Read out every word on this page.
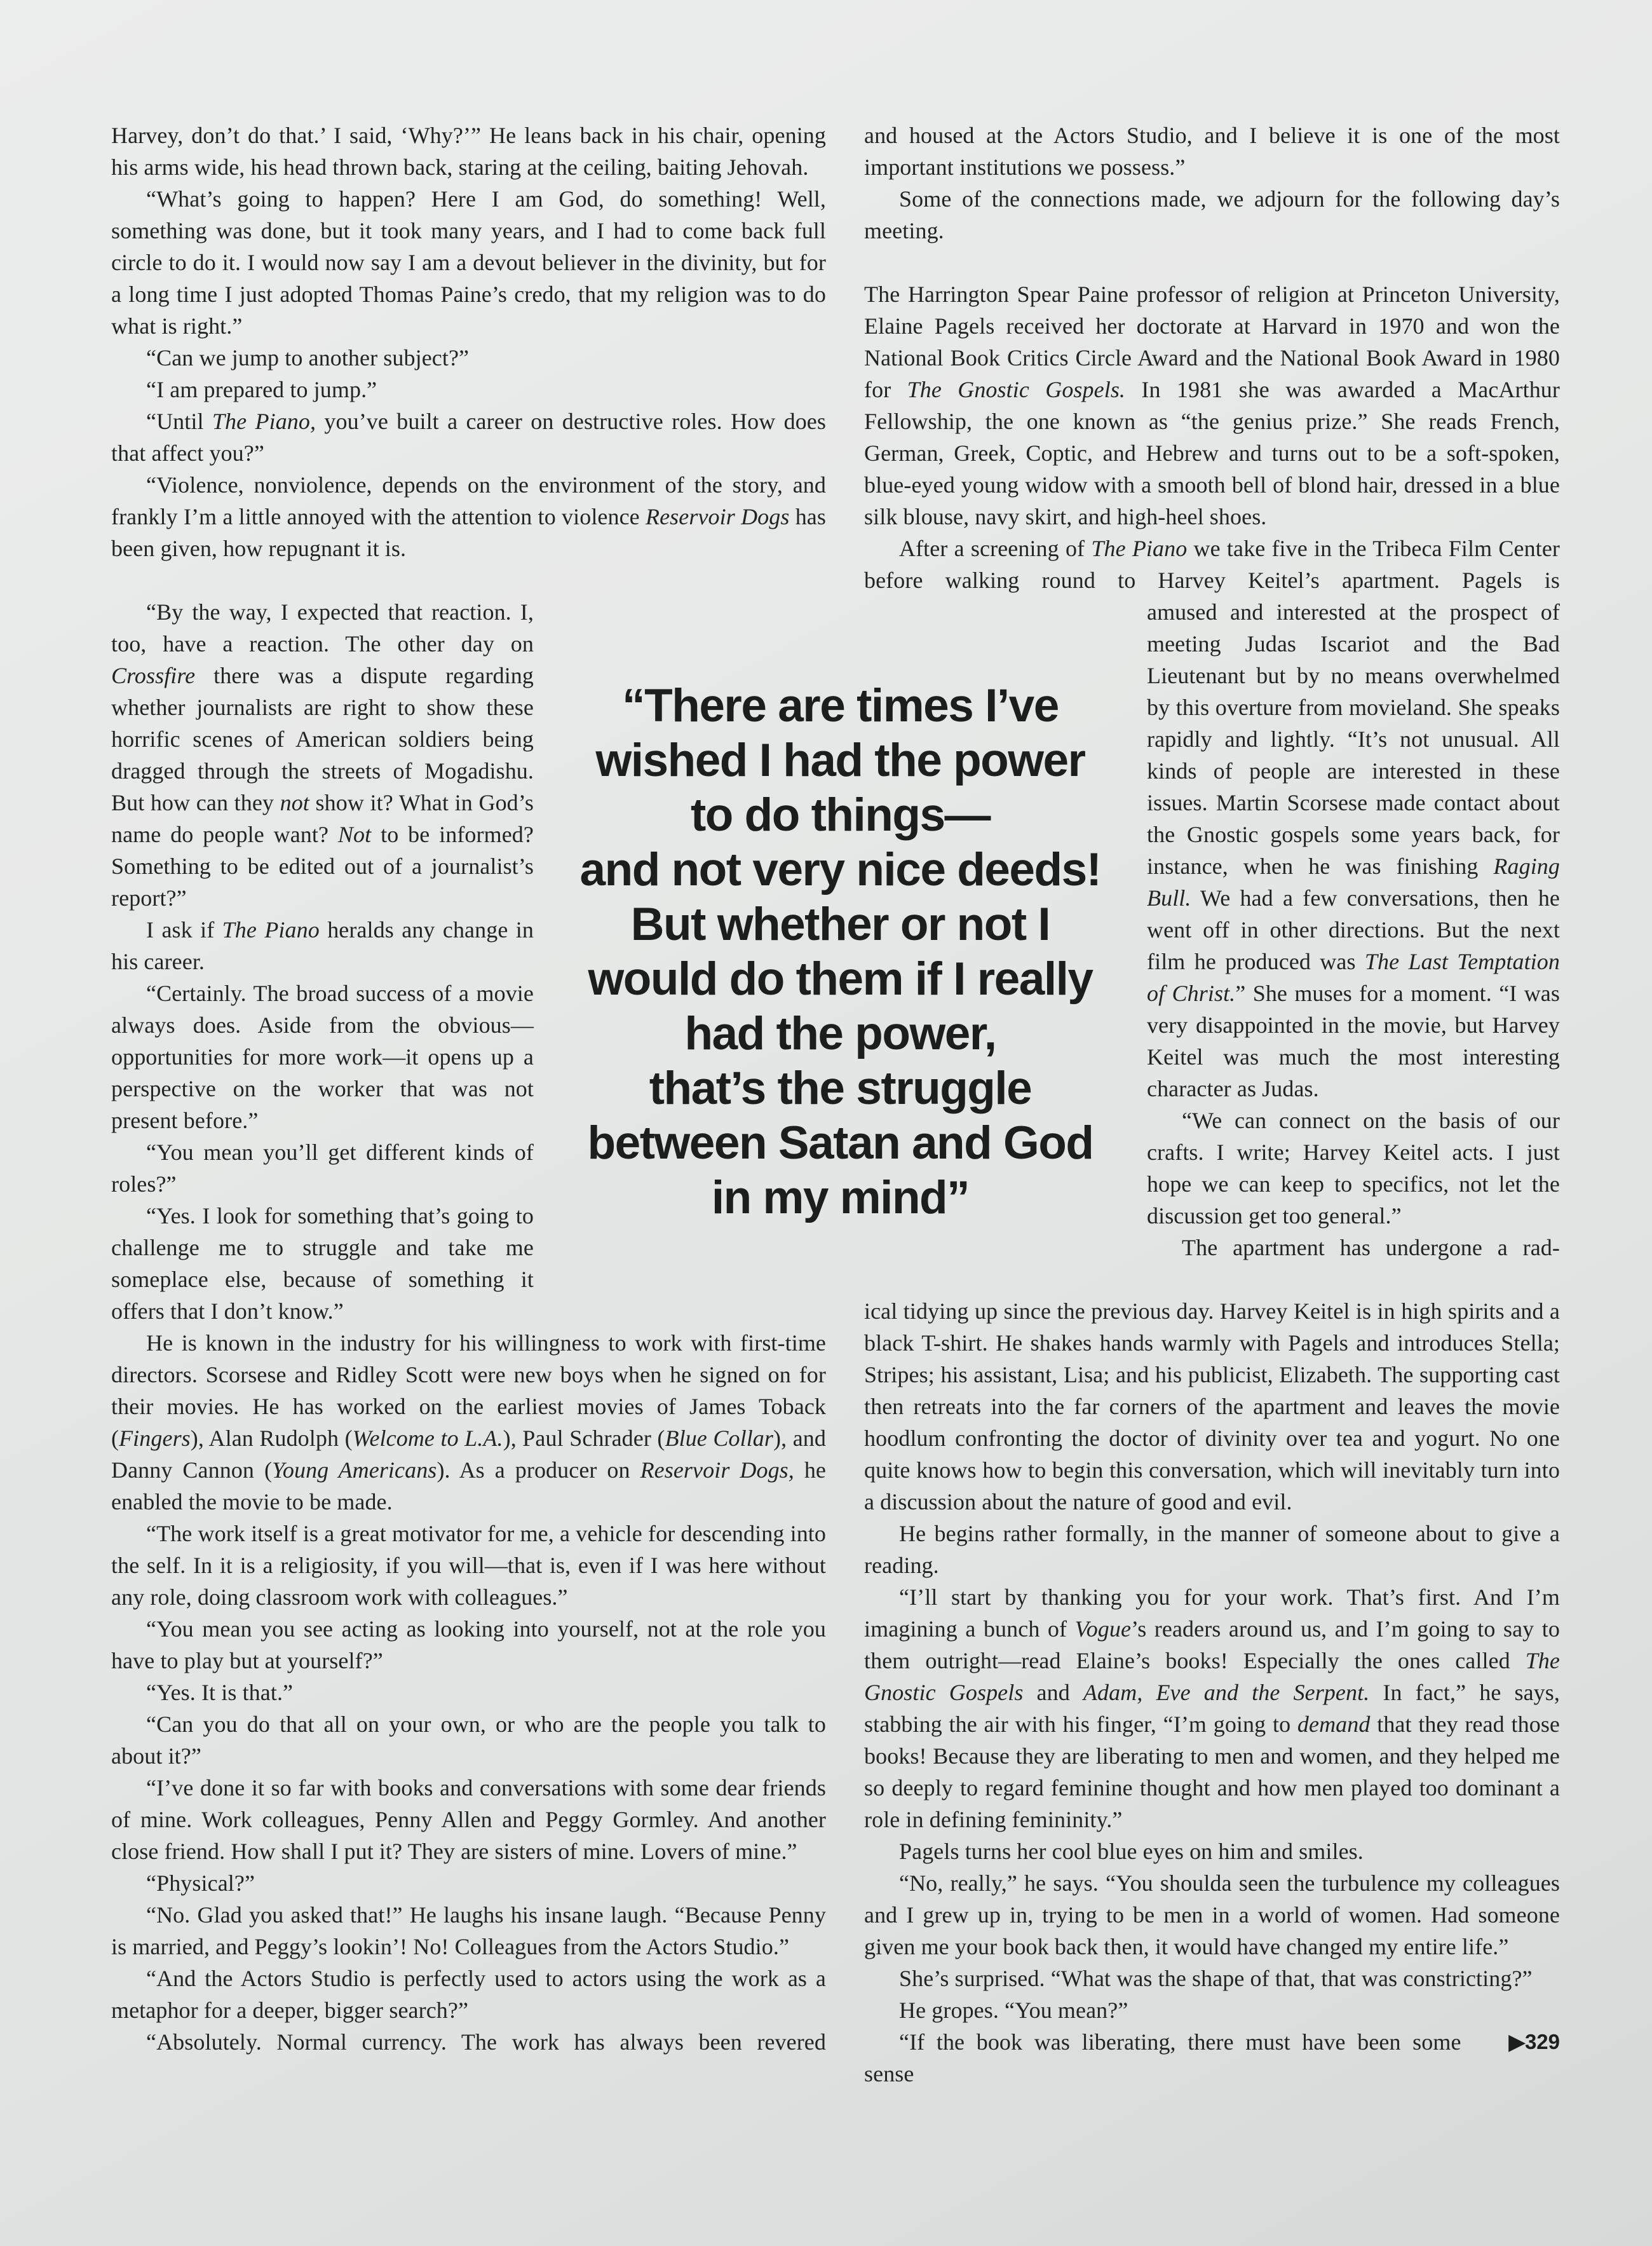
Harvey, don’t do that.’ I said, ‘Why?’” He leans back in his chair, opening his arms wide, his head thrown back, staring at the ceiling, baiting Jehovah.

“What’s going to happen? Here I am God, do something! Well, something was done, but it took many years, and I had to come back full circle to do it. I would now say I am a devout believer in the divinity, but for a long time I just adopted Thomas Paine’s credo, that my religion was to do what is right.”

“Can we jump to another subject?”

“I am prepared to jump.”

“Until The Piano, you’ve built a career on destructive roles. How does that affect you?”

“Violence, nonviolence, depends on the environment of the story, and frankly I’m a little annoyed with the attention to violence Reservoir Dogs has been given, how repugnant it is.

“By the way, I expected that reaction. I, too, have a reaction. The other day on Crossfire there was a dispute regarding whether journalists are right to show these horrific scenes of American soldiers being dragged through the streets of Mogadishu. But how can they not show it? What in God’s name do people want? Not to be informed? Something to be edited out of a journalist’s report?”

I ask if The Piano heralds any change in his career.

“Certainly. The broad success of a movie always does. Aside from the obvious—opportunities for more work—it opens up a perspective on the worker that was not present before.”

“You mean you’ll get different kinds of roles?”

“Yes. I look for something that’s going to challenge me to struggle and take me someplace else, because of something it offers that I don’t know.”

He is known in the industry for his willingness to work with first-time directors. Scorsese and Ridley Scott were new boys when he signed on for their movies. He has worked on the earliest movies of James Toback (Fingers), Alan Rudolph (Welcome to L.A.), Paul Schrader (Blue Collar), and Danny Cannon (Young Americans). As a producer on Reservoir Dogs, he enabled the movie to be made.

“The work itself is a great motivator for me, a vehicle for descending into the self. In it is a religiosity, if you will—that is, even if I was here without any role, doing classroom work with colleagues.”

“You mean you see acting as looking into yourself, not at the role you have to play but at yourself?”

“Yes. It is that.”

“Can you do that all on your own, or who are the people you talk to about it?”

“I’ve done it so far with books and conversations with some dear friends of mine. Work colleagues, Penny Allen and Peggy Gormley. And another close friend. How shall I put it? They are sisters of mine. Lovers of mine.”

“Physical?”

“No. Glad you asked that!” He laughs his insane laugh. “Because Penny is married, and Peggy’s lookin’! No! Colleagues from the Actors Studio.”

“And the Actors Studio is perfectly used to actors using the work as a metaphor for a deeper, bigger search?”

“Absolutely. Normal currency. The work has always been revered

and housed at the Actors Studio, and I believe it is one of the most important institutions we possess.”

Some of the connections made, we adjourn for the following day’s meeting.

The Harrington Spear Paine professor of religion at Princeton University, Elaine Pagels received her doctorate at Harvard in 1970 and won the National Book Critics Circle Award and the National Book Award in 1980 for The Gnostic Gospels. In 1981 she was awarded a MacArthur Fellowship, the one known as “the genius prize.” She reads French, German, Greek, Coptic, and Hebrew and turns out to be a soft-spoken, blue-eyed young widow with a smooth bell of blond hair, dressed in a blue silk blouse, navy skirt, and high-heel shoes.

After a screening of The Piano we take five in the Tribeca Film Center before walking round to Harvey Keitel’s apartment. Pagels is

amused and interested at the prospect of meeting Judas Iscariot and the Bad Lieutenant but by no means overwhelmed by this overture from movieland. She speaks rapidly and lightly. “It’s not unusual. All kinds of people are interested in these issues. Martin Scorsese made contact about the Gnostic gospels some years back, for instance, when he was finishing Raging Bull. We had a few conversations, then he went off in other directions. But the next film he produced was The Last Temptation of Christ.” She muses for a moment. “I was very disappointed in the movie, but Harvey Keitel was much the most interesting character as Judas.

“We can connect on the basis of our crafts. I write; Harvey Keitel acts. I just hope we can keep to specifics, not let the discussion get too general.”

The apartment has undergone a rad-

ical tidying up since the previous day. Harvey Keitel is in high spirits and a black T-shirt. He shakes hands warmly with Pagels and introduces Stella; Stripes; his assistant, Lisa; and his publicist, Elizabeth. The supporting cast then retreats into the far corners of the apartment and leaves the movie hoodlum confronting the doctor of divinity over tea and yogurt. No one quite knows how to begin this conversation, which will inevitably turn into a discussion about the nature of good and evil.

He begins rather formally, in the manner of someone about to give a reading.

“I’ll start by thanking you for your work. That’s first. And I’m imagining a bunch of Vogue’s readers around us, and I’m going to say to them outright—read Elaine’s books! Especially the ones called The Gnostic Gospels and Adam, Eve and the Serpent. In fact,” he says, stabbing the air with his finger, “I’m going to demand that they read those books! Because they are liberating to men and women, and they helped me so deeply to regard feminine thought and how men played too dominant a role in defining femininity.”

Pagels turns her cool blue eyes on him and smiles.

“No, really,” he says. “You shoulda seen the turbulence my colleagues and I grew up in, trying to be men in a world of women. Had someone given me your book back then, it would have changed my entire life.”

She’s surprised. “What was the shape of that, that was constricting?”

He gropes. “You mean?”

▶329
“If the book was liberating, there must have been some sense

“There are times I’ve
wished I had the power
to do things—
and not very nice deeds!
But whether or not I
would do them if I really
had the power,
that’s the struggle
between Satan and God
in my mind”
